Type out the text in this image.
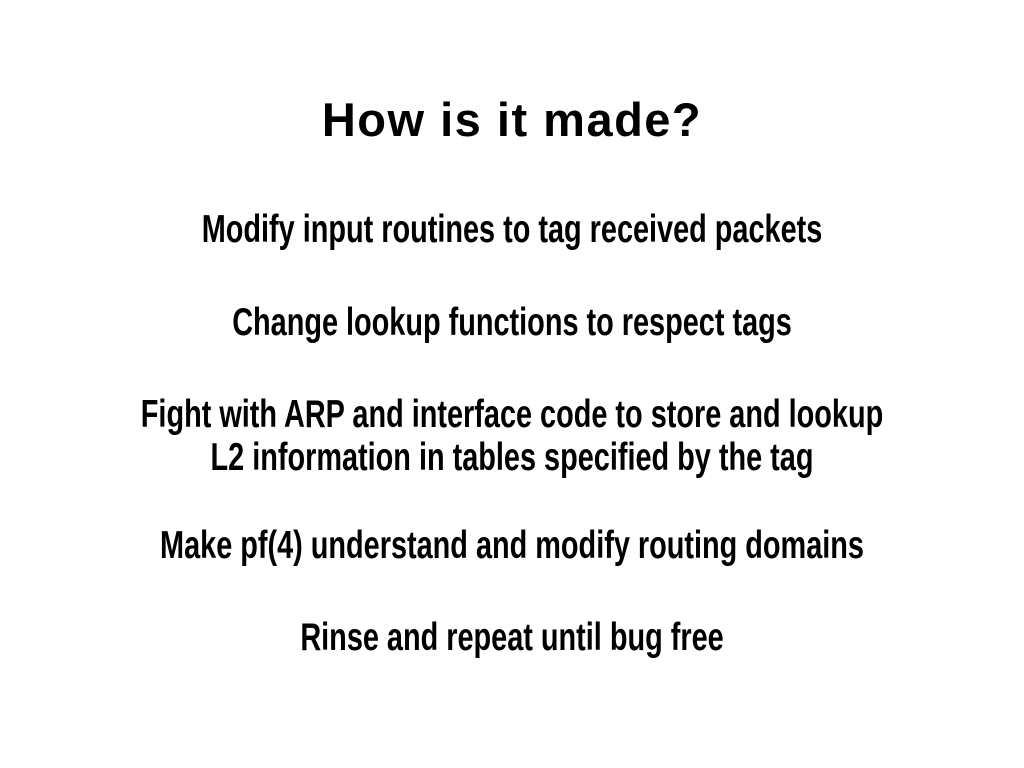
How is it made?
Modify input routines to tag received packets
Change lookup functions to respect tags
Fight with ARP and interface code to store and lookup
L2 information in tables specified by the tag
Make pf(4) understand and modify routing domains
Rinse and repeat until bug free
